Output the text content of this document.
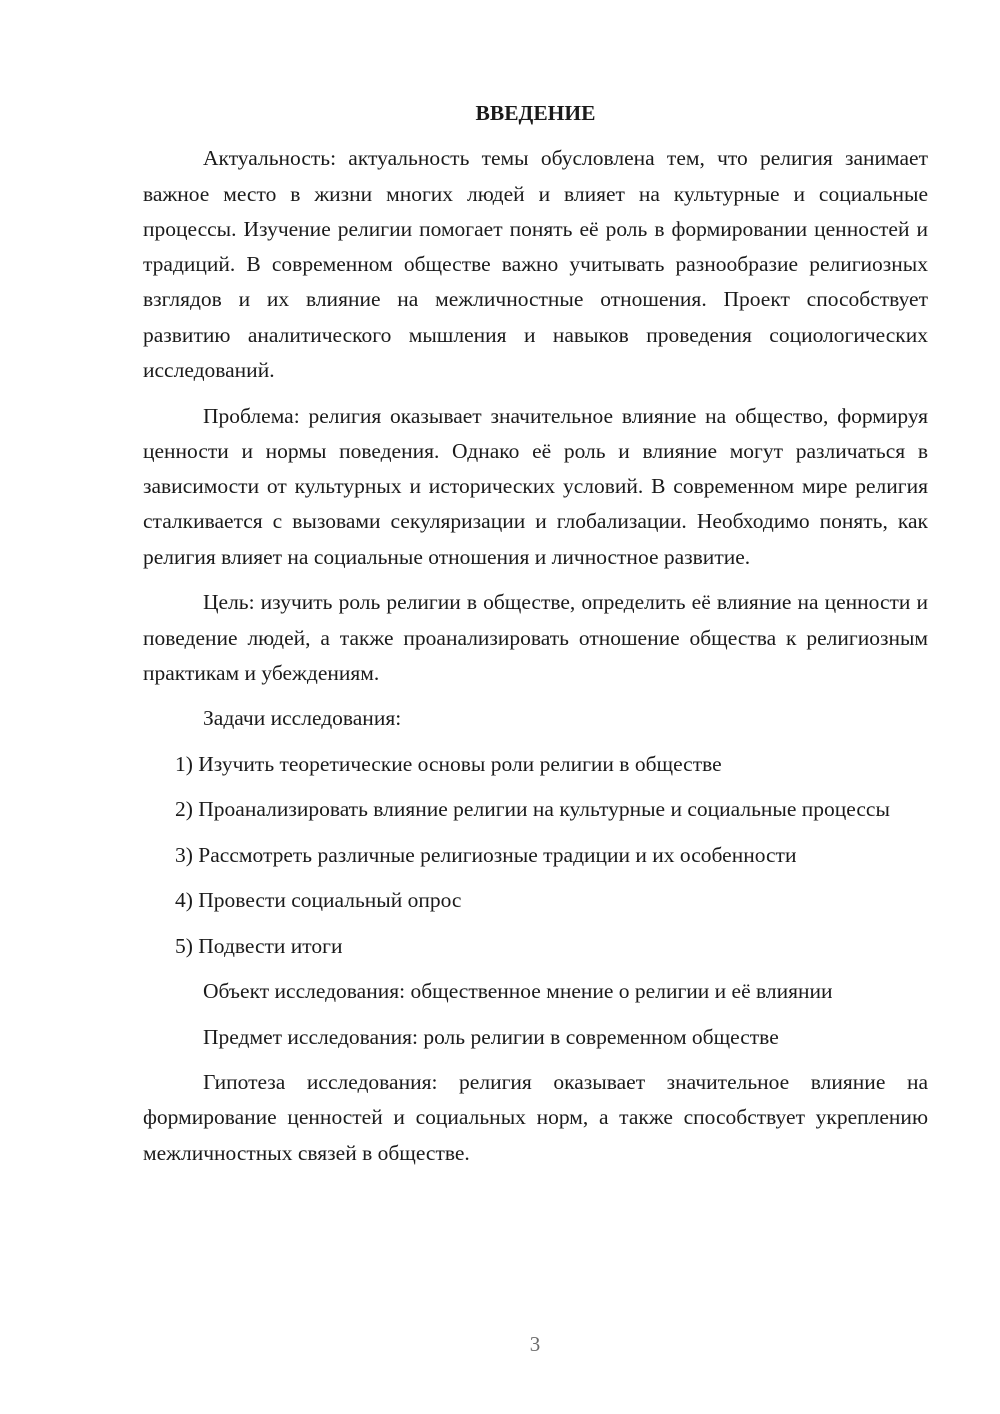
ВВЕДЕНИЕ

Актуальность: актуальность темы обусловлена тем, что религия занимает важное место в жизни многих людей и влияет на культурные и социальные процессы. Изучение религии помогает понять её роль в формировании ценностей и традиций. В современном обществе важно учитывать разнообразие религиозных взглядов и их влияние на межличностные отношения. Проект способствует развитию аналитического мышления и навыков проведения социологических исследований.

Проблема: религия оказывает значительное влияние на общество, формируя ценности и нормы поведения. Однако её роль и влияние могут различаться в зависимости от культурных и исторических условий. В современном мире религия сталкивается с вызовами секуляризации и глобализации. Необходимо понять, как религия влияет на социальные отношения и личностное развитие.

Цель: изучить роль религии в обществе, определить её влияние на ценности и поведение людей, а также проанализировать отношение общества к религиозным практикам и убеждениям.

Задачи исследования:

1) Изучить теоретические основы роли религии в обществе

2) Проанализировать влияние религии на культурные и социальные процессы

3) Рассмотреть различные религиозные традиции и их особенности

4) Провести социальный опрос

5) Подвести итоги

Объект исследования: общественное мнение о религии и её влиянии

Предмет исследования: роль религии в современном обществе

Гипотеза исследования: религия оказывает значительное влияние на формирование ценностей и социальных норм, а также способствует укреплению межличностных связей в обществе.

3
